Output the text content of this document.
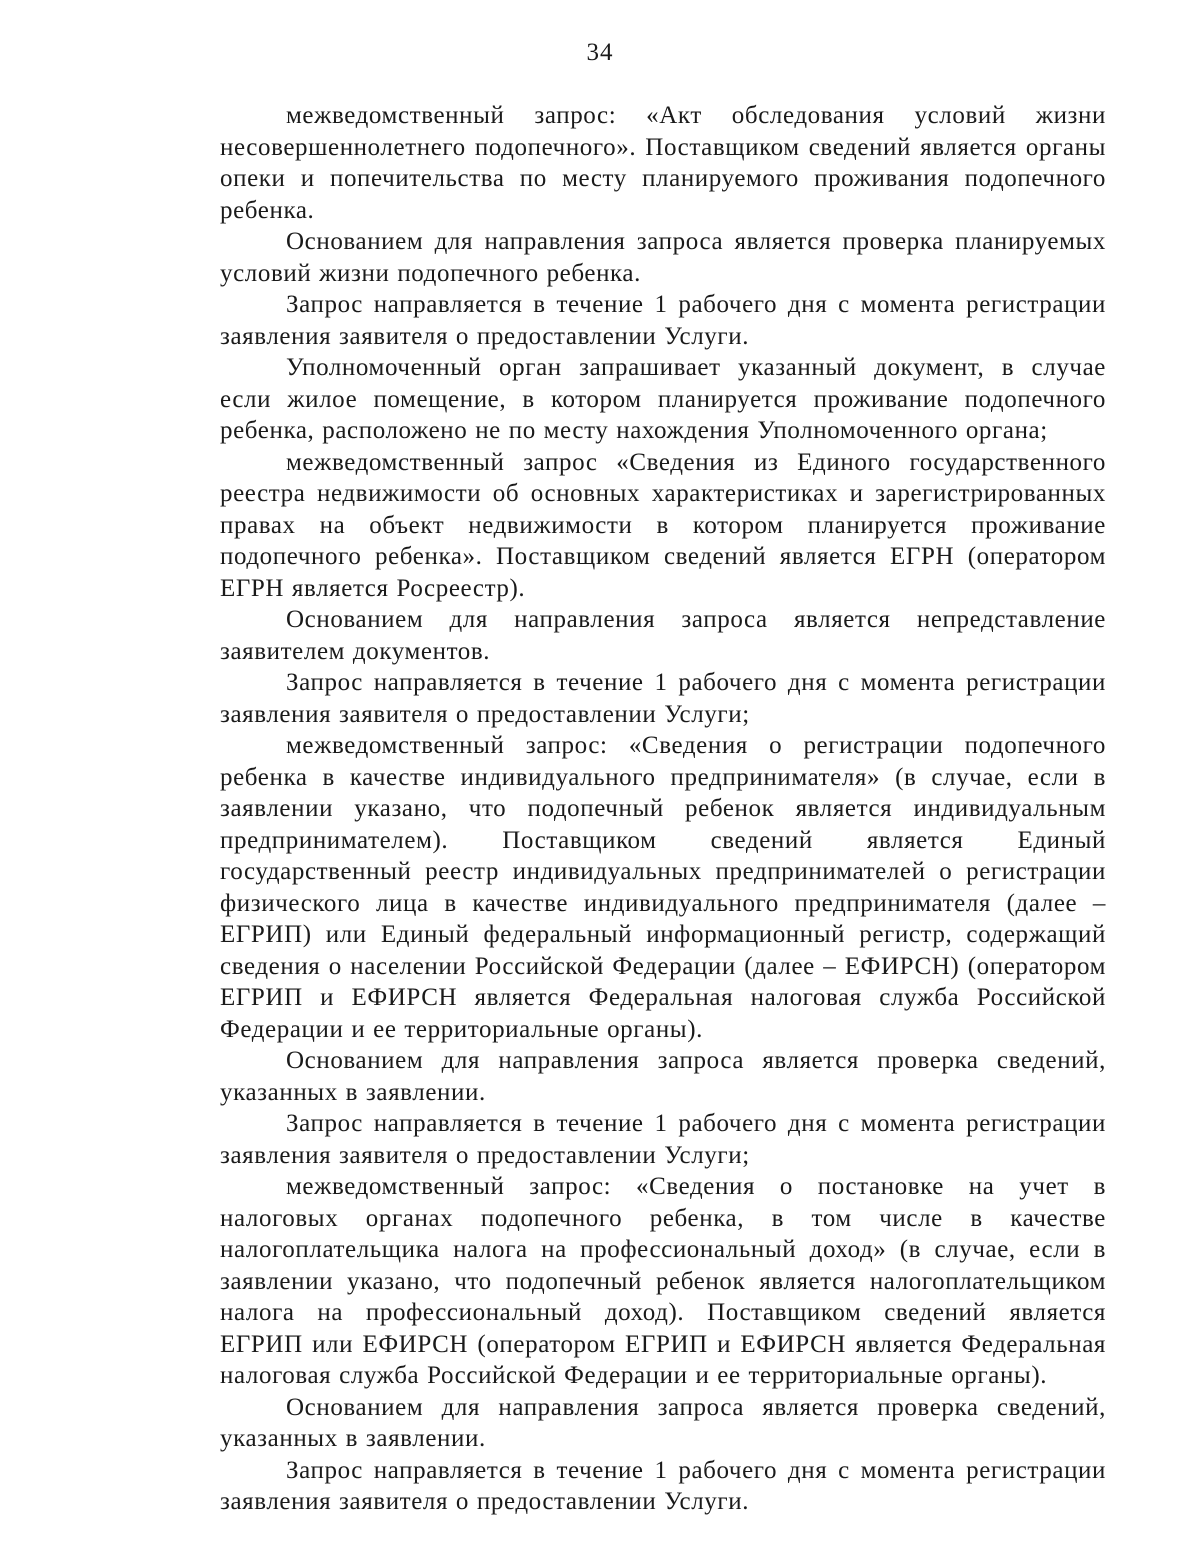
34

межведомственный запрос: «Акт обследования условий жизни несовершеннолетнего подопечного». Поставщиком сведений является органы опеки и попечительства по месту планируемого проживания подопечного ребенка.

Основанием для направления запроса является проверка планируемых условий жизни подопечного ребенка.

Запрос направляется в течение 1 рабочего дня с момента регистрации заявления заявителя о предоставлении Услуги.

Уполномоченный орган запрашивает указанный документ, в случае если жилое помещение, в котором планируется проживание подопечного ребенка, расположено не по месту нахождения Уполномоченного органа;

межведомственный запрос «Сведения из Единого государственного реестра недвижимости об основных характеристиках и зарегистрированных правах на объект недвижимости в котором планируется проживание подопечного ребенка». Поставщиком сведений является ЕГРН (оператором ЕГРН является Росреестр).

Основанием для направления запроса является непредставление заявителем документов.

Запрос направляется в течение 1 рабочего дня с момента регистрации заявления заявителя о предоставлении Услуги;

межведомственный запрос: «Сведения о регистрации подопечного ребенка в качестве индивидуального предпринимателя» (в случае, если в заявлении указано, что подопечный ребенок является индивидуальным предпринимателем). Поставщиком сведений является Единый государственный реестр индивидуальных предпринимателей о регистрации физического лица в качестве индивидуального предпринимателя (далее – ЕГРИП) или Единый федеральный информационный регистр, содержащий сведения о населении Российской Федерации (далее – ЕФИРСН) (оператором ЕГРИП и ЕФИРСН является Федеральная налоговая служба Российской Федерации и ее территориальные органы).

Основанием для направления запроса является проверка сведений, указанных в заявлении.

Запрос направляется в течение 1 рабочего дня с момента регистрации заявления заявителя о предоставлении Услуги;

межведомственный запрос: «Сведения о постановке на учет в налоговых органах подопечного ребенка, в том числе в качестве налогоплательщика налога на профессиональный доход» (в случае, если в заявлении указано, что подопечный ребенок является налогоплательщиком налога на профессиональный доход). Поставщиком сведений является ЕГРИП или ЕФИРСН (оператором ЕГРИП и ЕФИРСН является Федеральная налоговая служба Российской Федерации и ее территориальные органы).

Основанием для направления запроса является проверка сведений, указанных в заявлении.

Запрос направляется в течение 1 рабочего дня с момента регистрации заявления заявителя о предоставлении Услуги.
